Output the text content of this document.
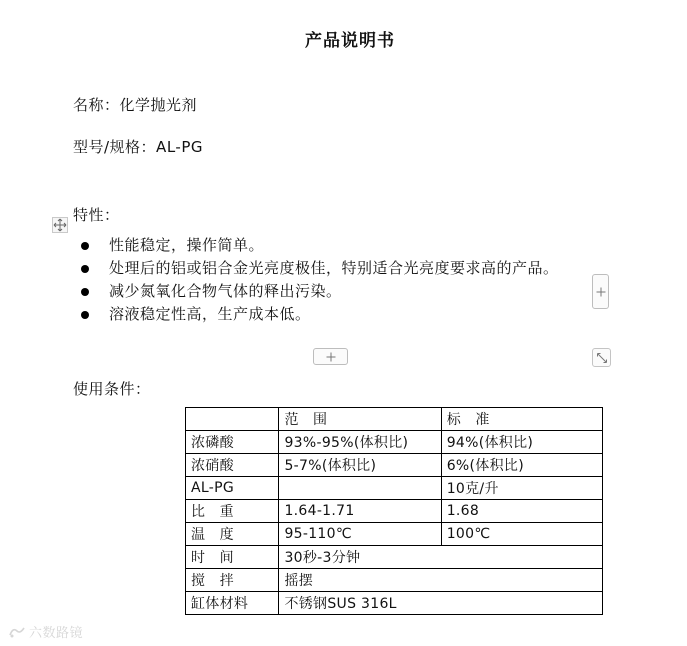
产品说明书
名称：化学抛光剂
型号/规格：AL-PG
特性：
性能稳定，操作简单。
处理后的铝或铝合金光亮度极佳，特别适合光亮度要求高的产品。
减少氮氧化合物气体的释出污染。
溶液稳定性高，生产成本低。
使用条件：
	范　围	标　准
浓磷酸	93%-95%(体积比)	94%(体积比)
浓硝酸	5-7%(体积比)	6%(体积比)
AL-PG		10克/升
比　重	1.64-1.71	1.68
温　度	95-110℃	100℃
时　间	30秒-3分钟	
搅　拌	摇摆	
缸体材料	不锈钢SUS 316L	
六数路镜
